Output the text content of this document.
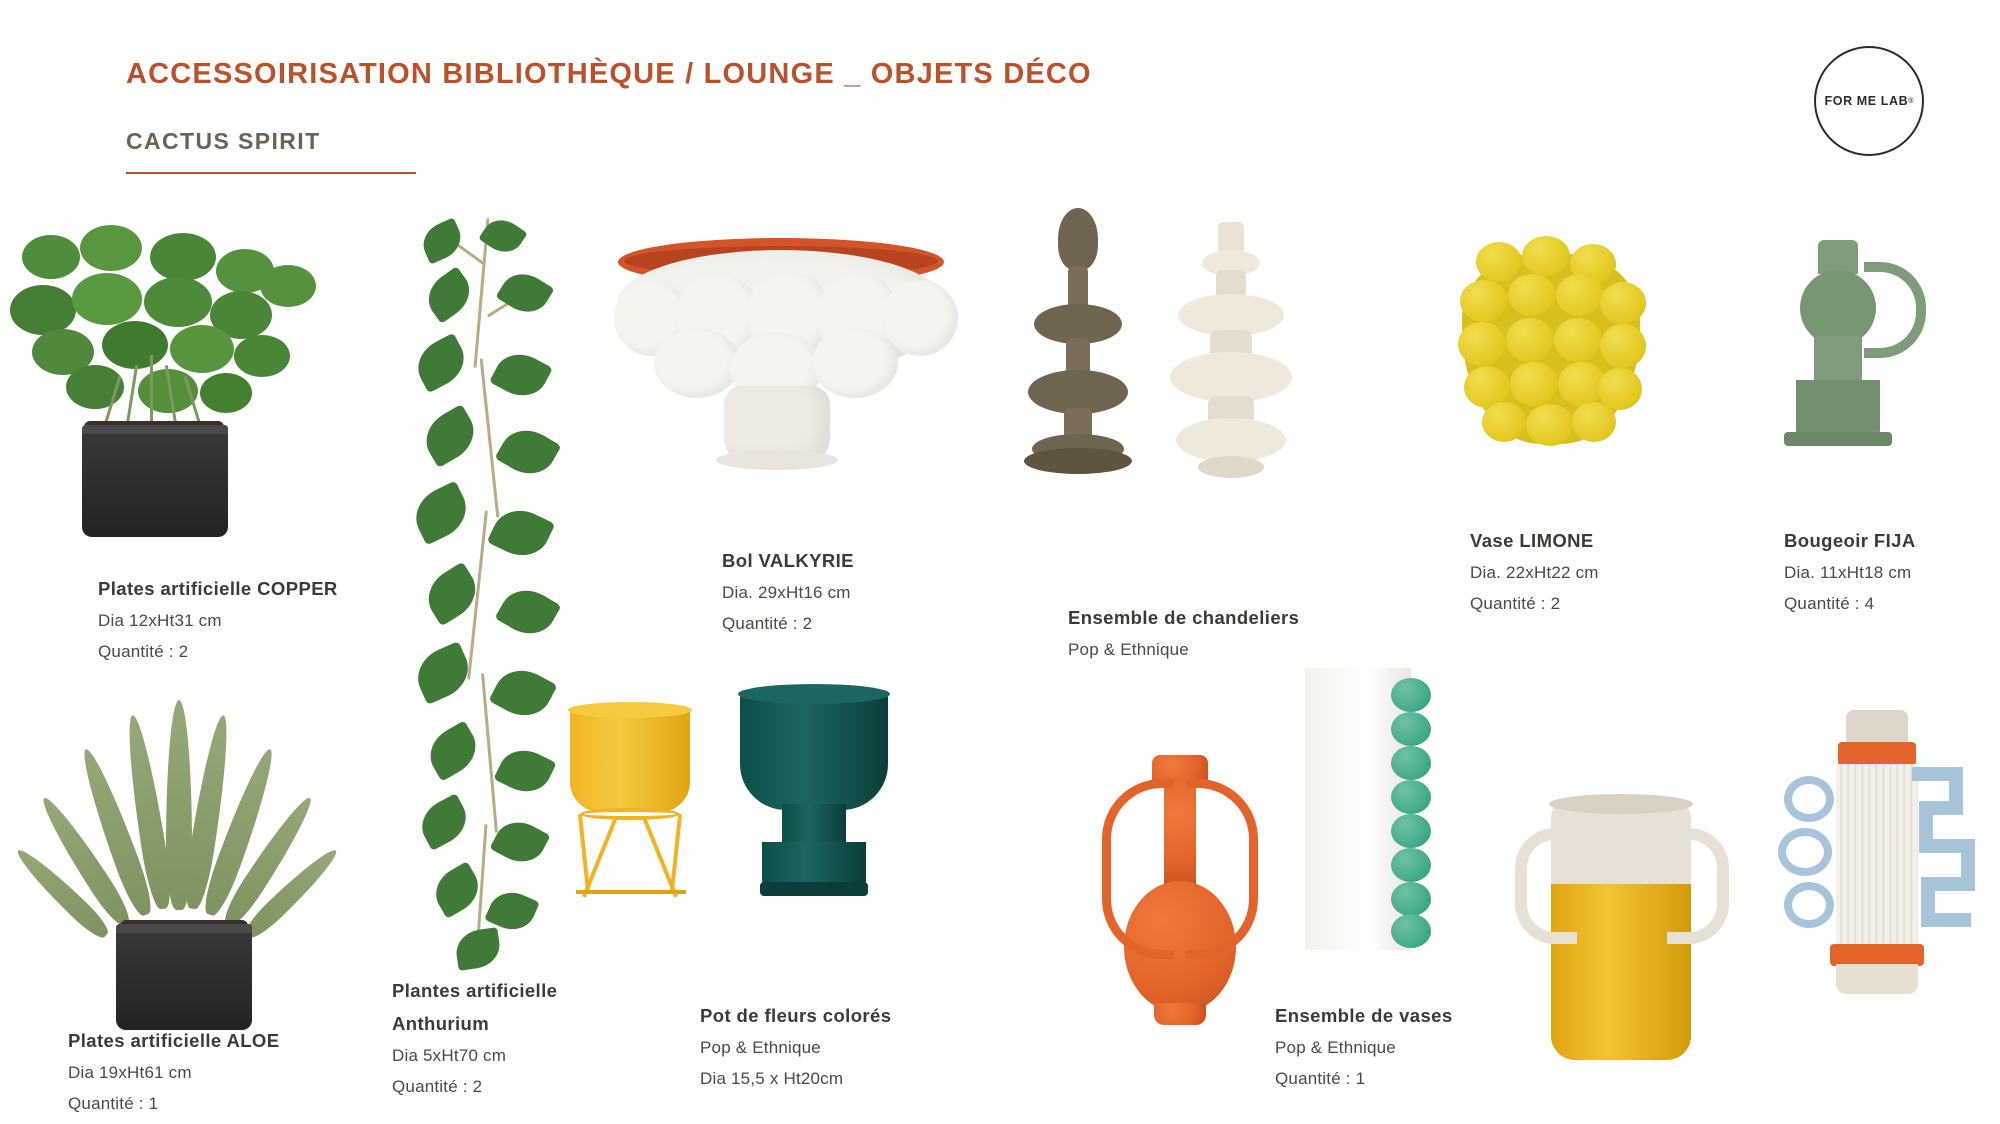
ACCESSOIRISATION BIBLIOTHÈQUE / LOUNGE _ OBJETS DÉCO
CACTUS SPIRIT
FOR ME LAB ®
Plates artificielle COPPER
Dia 12xHt31 cm
Quantité : 2
Plates artificielle ALOE
Dia 19xHt61 cm
Quantité : 1
Plantes artificielle
Anthurium
Dia 5xHt70 cm
Quantité : 2
Bol VALKYRIE
Dia. 29xHt16 cm
Quantité : 2	Ensemble de chandeliers
Pop & Ethnique
Vase LIMONE
Dia. 22xHt22 cm
Quantité : 2
Bougeoir FIJA
Dia. 11xHt18 cm
Quantité : 4
Pot de fleurs colorés
Pop & Ethnique
Dia 15,5 x Ht20cm
Ensemble de vases
Pop & Ethnique
Quantité : 1
